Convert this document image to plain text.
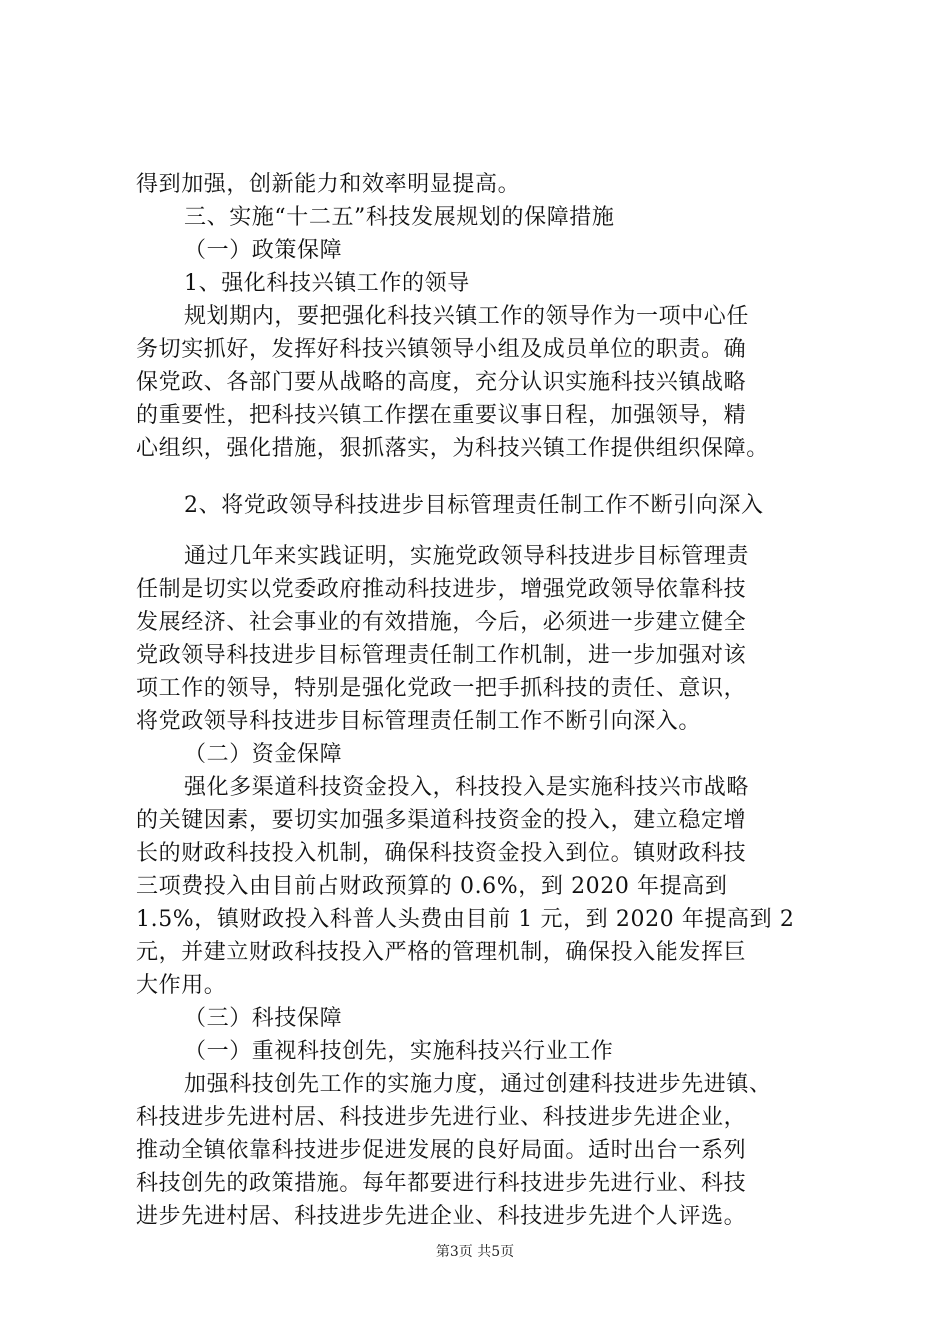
得到加强，创新能力和效率明显提高。
三、实施“十二五”科技发展规划的保障措施
（一）政策保障
1、强化科技兴镇工作的领导
规划期内，要把强化科技兴镇工作的领导作为一项中心任
务切实抓好，发挥好科技兴镇领导小组及成员单位的职责。确
保党政、各部门要从战略的高度，充分认识实施科技兴镇战略
的重要性，把科技兴镇工作摆在重要议事日程，加强领导，精
心组织，强化措施，狠抓落实，为科技兴镇工作提供组织保障。
2、将党政领导科技进步目标管理责任制工作不断引向深入
通过几年来实践证明，实施党政领导科技进步目标管理责
任制是切实以党委政府推动科技进步，增强党政领导依靠科技
发展经济、社会事业的有效措施，今后，必须进一步建立健全
党政领导科技进步目标管理责任制工作机制，进一步加强对该
项工作的领导，特别是强化党政一把手抓科技的责任、意识，
将党政领导科技进步目标管理责任制工作不断引向深入。
（二）资金保障
强化多渠道科技资金投入，科技投入是实施科技兴市战略
的关键因素，要切实加强多渠道科技资金的投入，建立稳定增
长的财政科技投入机制，确保科技资金投入到位。镇财政科技
三项费投入由目前占财政预算的 0.6%，到 2020 年提高到
1.5%，镇财政投入科普人头费由目前 1 元，到 2020 年提高到 2
元，并建立财政科技投入严格的管理机制，确保投入能发挥巨
大作用。
（三）科技保障
（一）重视科技创先，实施科技兴行业工作
加强科技创先工作的实施力度，通过创建科技进步先进镇、
科技进步先进村居、科技进步先进行业、科技进步先进企业，
推动全镇依靠科技进步促进发展的良好局面。适时出台一系列
科技创先的政策措施。每年都要进行科技进步先进行业、科技
进步先进村居、科技进步先进企业、科技进步先进个人评选。
第3页 共5页
